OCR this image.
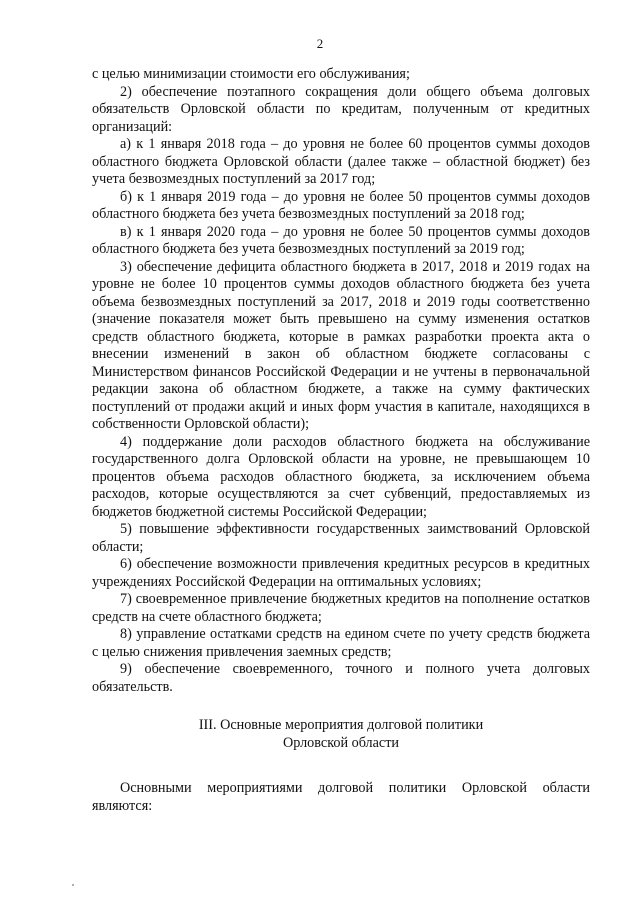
2

с целью минимизации стоимости его обслуживания;

2) обеспечение поэтапного сокращения доли общего объема долговых обязательств Орловской области по кредитам, полученным от кредитных организаций:

а) к 1 января 2018 года – до уровня не более 60 процентов суммы доходов областного бюджета Орловской области (далее также – областной бюджет) без учета безвозмездных поступлений за 2017 год;

б) к 1 января 2019 года – до уровня не более 50 процентов суммы доходов областного бюджета без учета безвозмездных поступлений за 2018 год;

в) к 1 января 2020 года – до уровня не более 50 процентов суммы доходов областного бюджета без учета безвозмездных поступлений за 2019 год;

3) обеспечение дефицита областного бюджета в 2017, 2018 и 2019 годах на уровне не более 10 процентов суммы доходов областного бюджета без учета объема безвозмездных поступлений за 2017, 2018 и 2019 годы соответственно (значение показателя может быть превышено на сумму изменения остатков средств областного бюджета, которые в рамках разработки проекта акта о внесении изменений в закон об областном бюджете согласованы с Министерством финансов Российской Федерации и не учтены в первоначальной редакции закона об областном бюджете, а также на сумму фактических поступлений от продажи акций и иных форм участия в капитале, находящихся в собственности Орловской области);

4) поддержание доли расходов областного бюджета на обслуживание государственного долга Орловской области на уровне, не превышающем 10 процентов объема расходов областного бюджета, за исключением объема расходов, которые осуществляются за счет субвенций, предоставляемых из бюджетов бюджетной системы Российской Федерации;

5) повышение эффективности государственных заимствований Орловской области;

6) обеспечение возможности привлечения кредитных ресурсов в кредитных учреждениях Российской Федерации на оптимальных условиях;

7) своевременное привлечение бюджетных кредитов на пополнение остатков средств на счете областного бюджета;

8) управление остатками средств на едином счете по учету средств бюджета с целью снижения привлечения заемных средств;

9) обеспечение своевременного, точного и полного учета долговых обязательств.

III. Основные мероприятия долговой политики
Орловской области

Основными мероприятиями долговой политики Орловской области являются:
